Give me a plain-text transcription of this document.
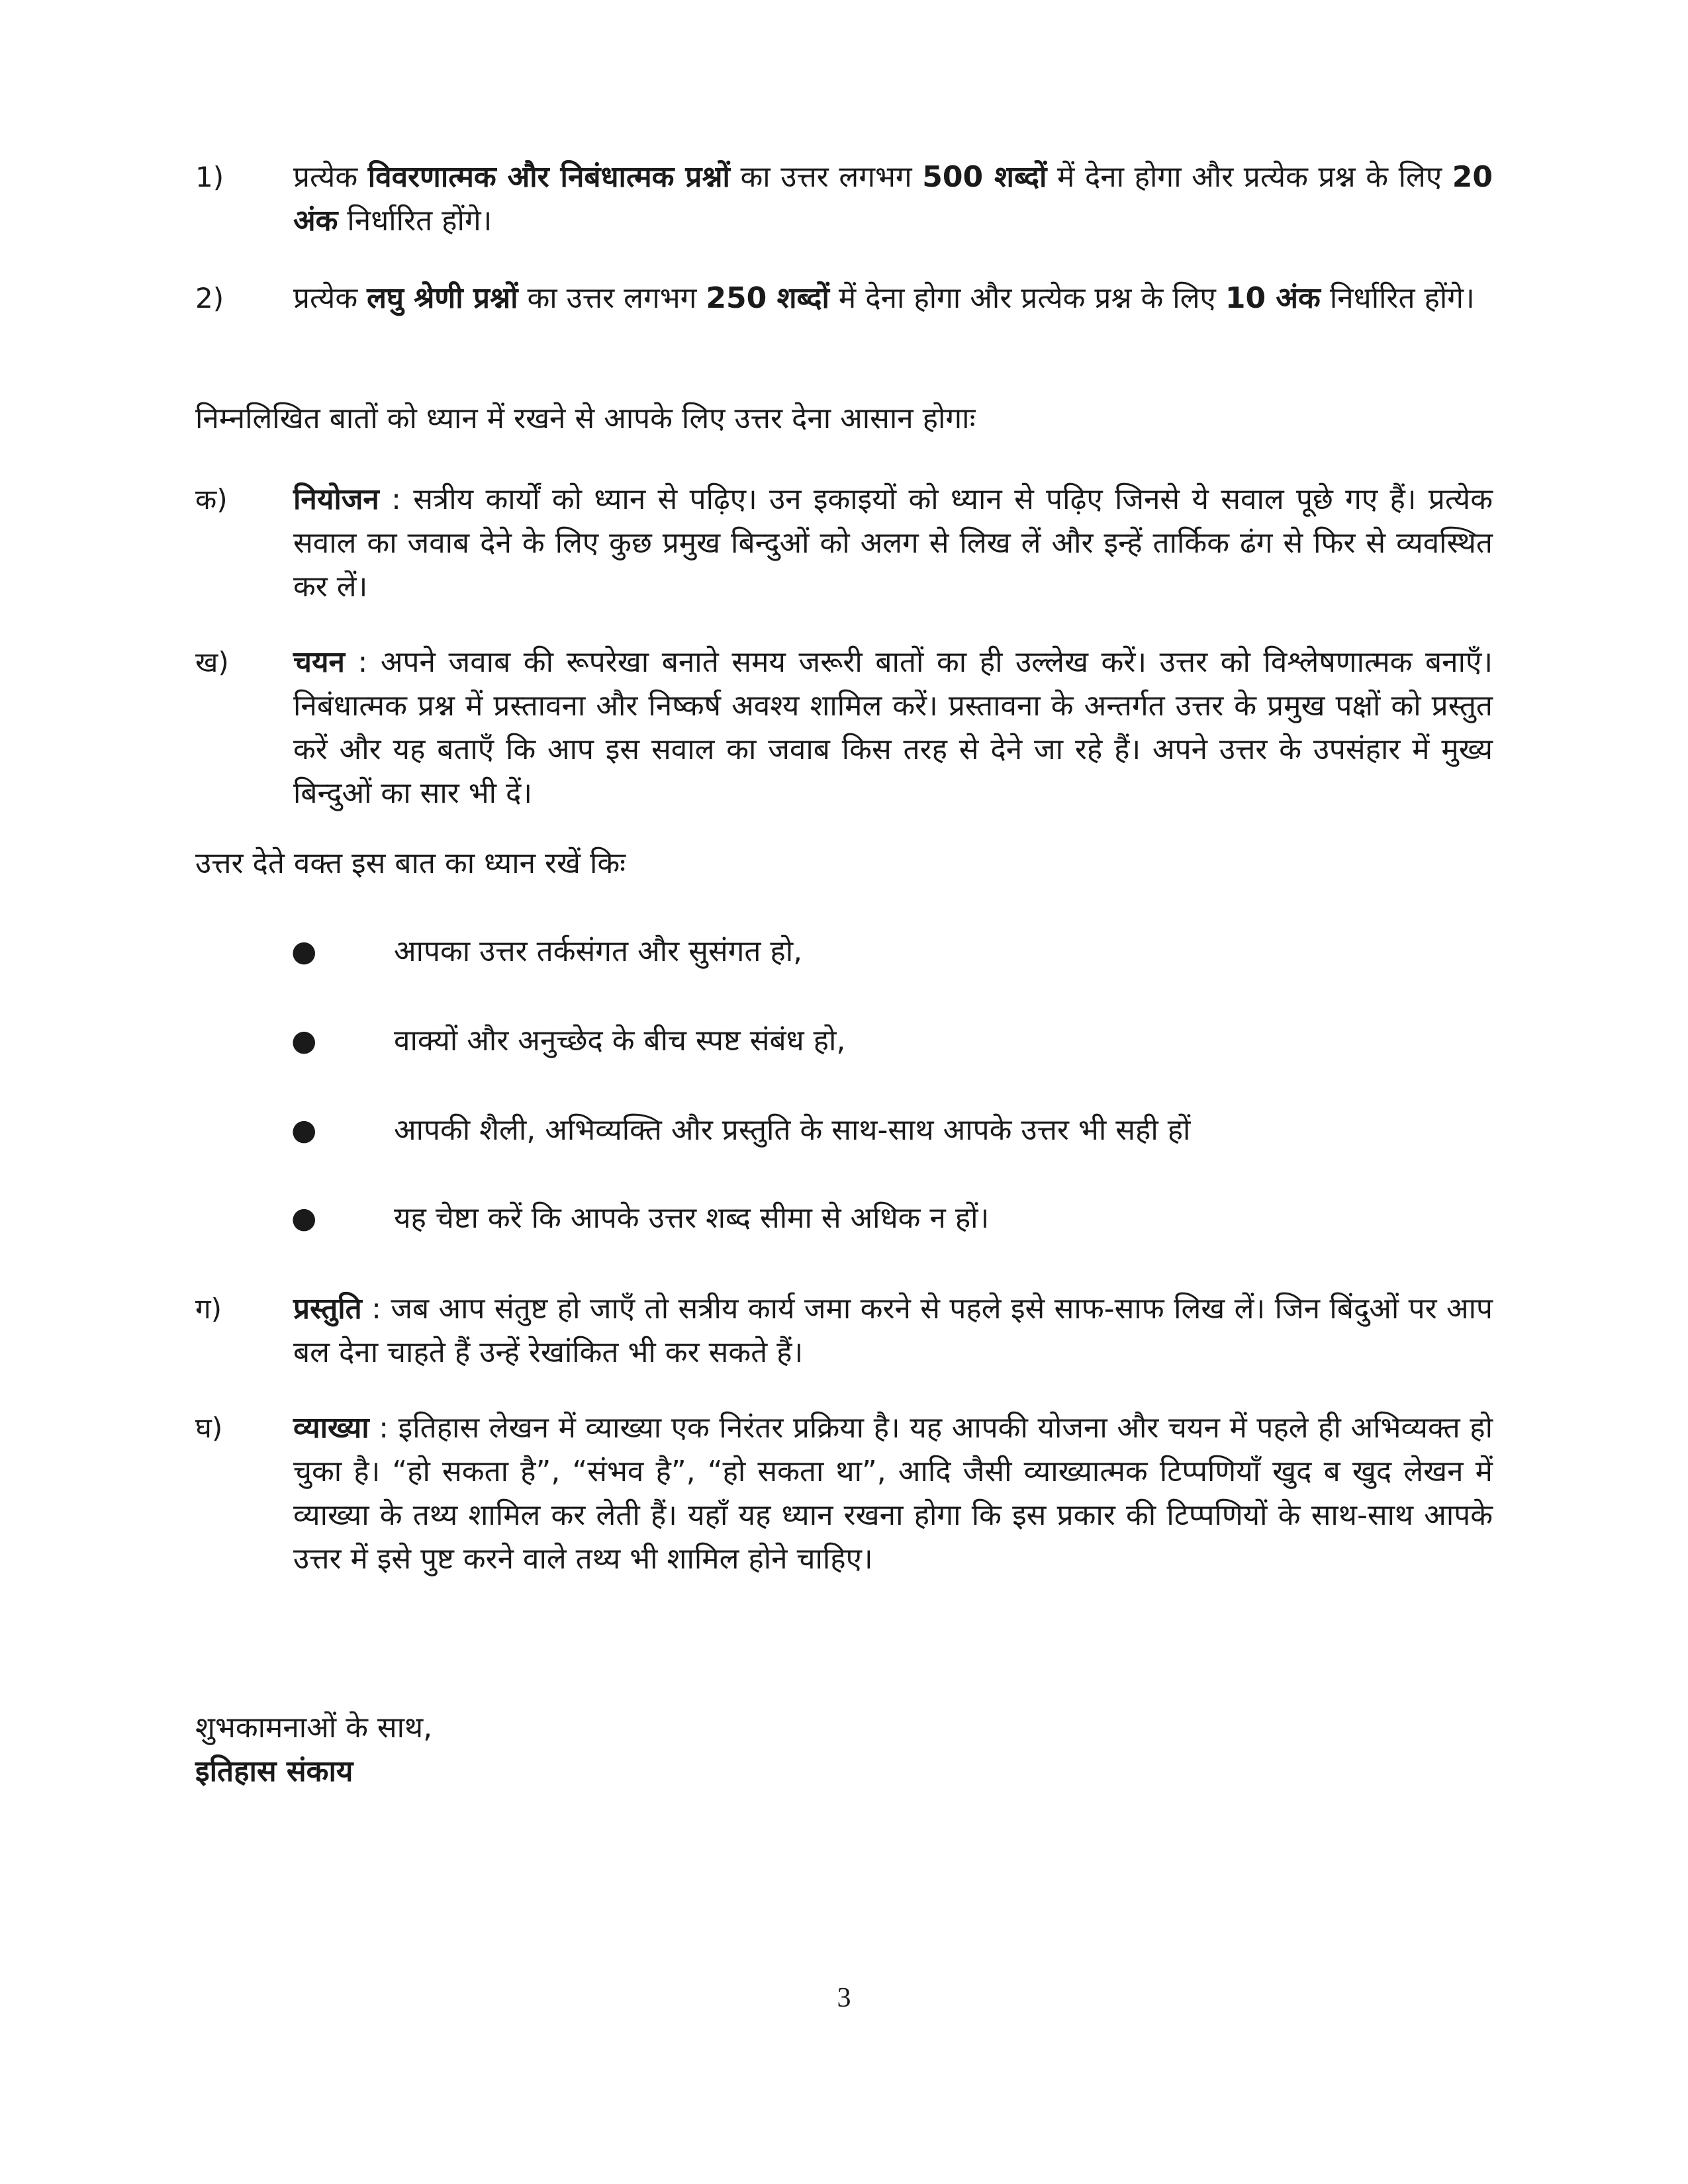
1)	प्रत्येक विवरणात्मक और निबंधात्मक प्रश्नों का उत्तर लगभग 500 शब्दों में देना होगा और प्रत्येक प्रश्न के लिए 20 अंक निर्धारित होंगे।
2)	प्रत्येक लघु श्रेणी प्रश्नों का उत्तर लगभग 250 शब्दों में देना होगा और प्रत्येक प्रश्न के लिए 10 अंक निर्धारित होंगे।

निम्नलिखित बातों को ध्यान में रखने से आपके लिए उत्तर देना आसान होगाः

क)	नियोजन : सत्रीय कार्यों को ध्यान से पढ़िए। उन इकाइयों को ध्यान से पढ़िए जिनसे ये सवाल पूछे गए हैं। प्रत्येक सवाल का जवाब देने के लिए कुछ प्रमुख बिन्दुओं को अलग से लिख लें और इन्हें तार्किक ढंग से फिर से व्यवस्थित कर लें।
ख)	चयन : अपने जवाब की रूपरेखा बनाते समय जरूरी बातों का ही उल्लेख करें। उत्तर को विश्लेषणात्मक बनाएँ। निबंधात्मक प्रश्न में प्रस्तावना और निष्कर्ष अवश्य शामिल करें। प्रस्तावना के अन्तर्गत उत्तर के प्रमुख पक्षों को प्रस्तुत करें और यह बताएँ कि आप इस सवाल का जवाब किस तरह से देने जा रहे हैं। अपने उत्तर के उपसंहार में मुख्य बिन्दुओं का सार भी दें।

उत्तर देते वक्त इस बात का ध्यान रखें किः

●	आपका उत्तर तर्कसंगत और सुसंगत हो,
●	वाक्यों और अनुच्छेद के बीच स्पष्ट संबंध हो,
●	आपकी शैली, अभिव्यक्ति और प्रस्तुति के साथ-साथ आपके उत्तर भी सही हों
●	यह चेष्टा करें कि आपके उत्तर शब्द सीमा से अधिक न हों।
ग)	प्रस्तुति : जब आप संतुष्ट हो जाएँ तो सत्रीय कार्य जमा करने से पहले इसे साफ-साफ लिख लें। जिन बिंदुओं पर आप बल देना चाहते हैं उन्हें रेखांकित भी कर सकते हैं।
घ)	व्याख्या : इतिहास लेखन में व्याख्या एक निरंतर प्रक्रिया है। यह आपकी योजना और चयन में पहले ही अभिव्यक्त हो चुका है। “हो सकता है”, “संभव है”, “हो सकता था”, आदि जैसी व्याख्यात्मक टिप्पणियाँ खुद ब खुद लेखन में व्याख्या के तथ्य शामिल कर लेती हैं। यहाँ यह ध्यान रखना होगा कि इस प्रकार की टिप्पणियों के साथ-साथ आपके उत्तर में इसे पुष्ट करने वाले तथ्य भी शामिल होने चाहिए।
शुभकामनाओं के साथ,
इतिहास संकाय
3
